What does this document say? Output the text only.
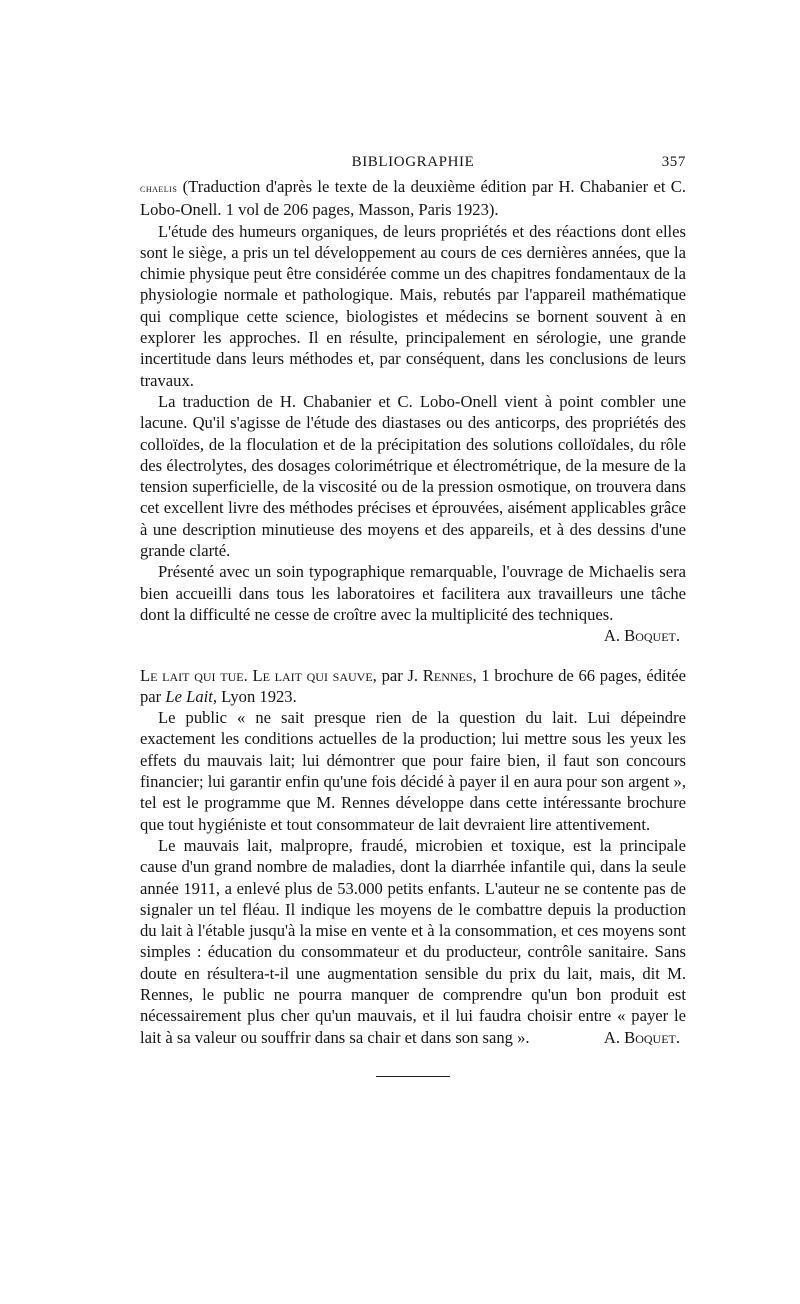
BIBLIOGRAPHIE	357

chaelis (Traduction d'après le texte de la deuxième édition par H. Chabanier et C. Lobo-Onell. 1 vol de 206 pages, Masson, Paris 1923).

L'étude des humeurs organiques, de leurs propriétés et des réactions dont elles sont le siège, a pris un tel développement au cours de ces dernières années, que la chimie physique peut être considérée comme un des chapitres fondamentaux de la physiologie normale et pathologique. Mais, rebutés par l'appareil mathématique qui complique cette science, biologistes et médecins se bornent souvent à en explorer les approches. Il en résulte, principalement en sérologie, une grande incertitude dans leurs méthodes et, par conséquent, dans les conclusions de leurs travaux.

La traduction de H. Chabanier et C. Lobo-Onell vient à point combler une lacune. Qu'il s'agisse de l'étude des diastases ou des anticorps, des propriétés des colloïdes, de la floculation et de la précipitation des solutions colloïdales, du rôle des électrolytes, des dosages colorimétrique et électrométrique, de la mesure de la tension superficielle, de la viscosité ou de la pression osmotique, on trouvera dans cet excellent livre des méthodes précises et éprouvées, aisément applicables grâce à une description minutieuse des moyens et des appareils, et à des dessins d'une grande clarté.

Présenté avec un soin typographique remarquable, l'ouvrage de Michaelis sera bien accueilli dans tous les laboratoires et facilitera aux travailleurs une tâche dont la difficulté ne cesse de croître avec la multiplicité des techniques.
A. Boquet.

Le lait qui tue. Le lait qui sauve, par J. Rennes, 1 brochure de 66 pages, éditée par Le Lait, Lyon 1923.

Le public « ne sait presque rien de la question du lait. Lui dépeindre exactement les conditions actuelles de la production; lui mettre sous les yeux les effets du mauvais lait; lui démontrer que pour faire bien, il faut son concours financier; lui garantir enfin qu'une fois décidé à payer il en aura pour son argent », tel est le programme que M. Rennes développe dans cette intéressante brochure que tout hygiéniste et tout consommateur de lait devraient lire attentivement.

Le mauvais lait, malpropre, fraudé, microbien et toxique, est la principale cause d'un grand nombre de maladies, dont la diarrhée infantile qui, dans la seule année 1911, a enlevé plus de 53.000 petits enfants. L'auteur ne se contente pas de signaler un tel fléau. Il indique les moyens de le combattre depuis la production du lait à l'étable jusqu'à la mise en vente et à la consommation, et ces moyens sont simples : éducation du consommateur et du producteur, contrôle sanitaire. Sans doute en résultera-t-il une augmentation sensible du prix du lait, mais, dit M. Rennes, le public ne pourra manquer de comprendre qu'un bon produit est nécessairement plus cher qu'un mauvais, et il lui faudra choisir entre « payer le lait à sa valeur ou souffrir dans sa chair et dans son sang ».	A. Boquet.
